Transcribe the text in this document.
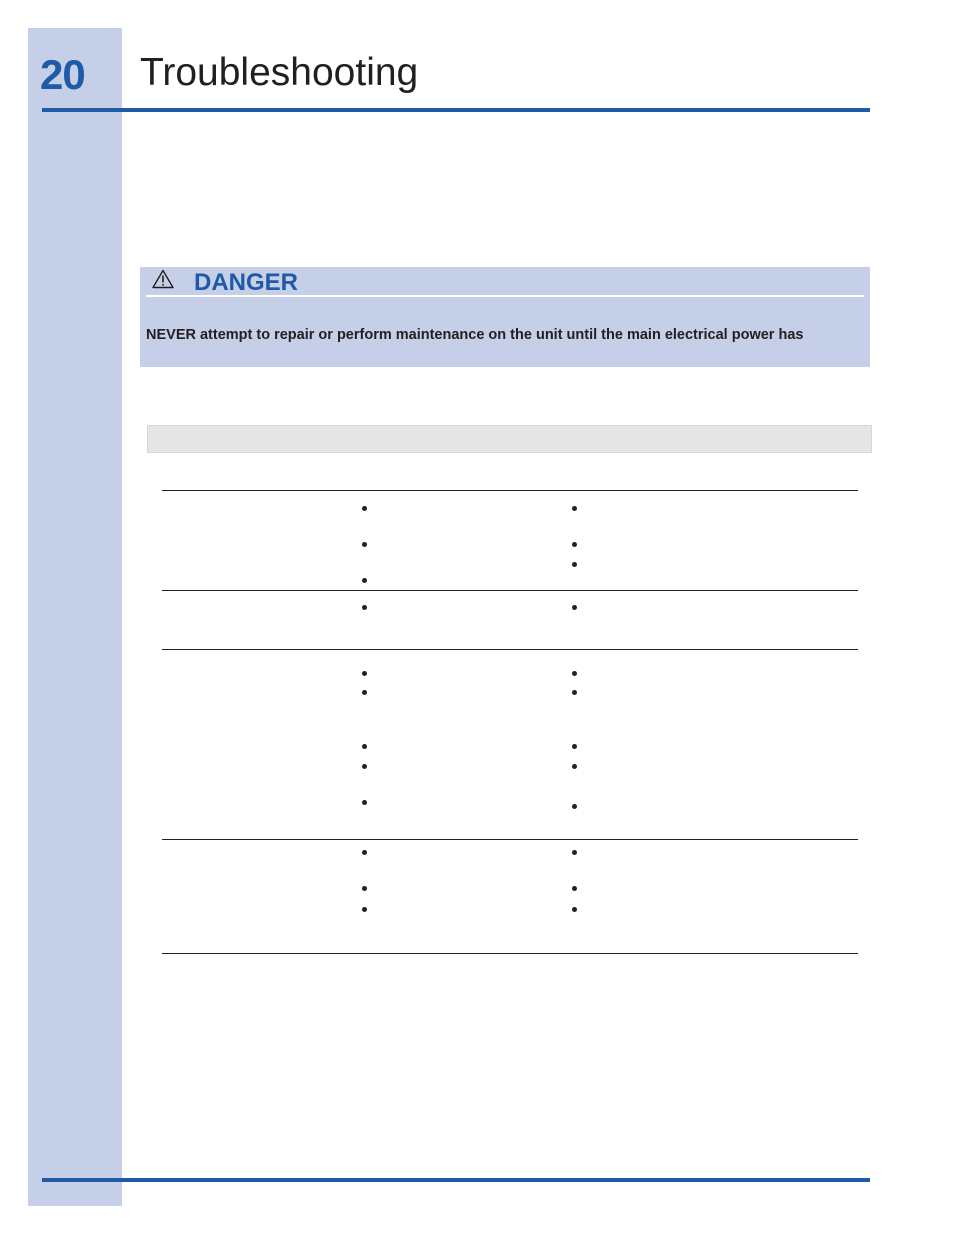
20 Troubleshooting
DANGER
NEVER attempt to repair or perform maintenance on the unit until the main electrical power has
